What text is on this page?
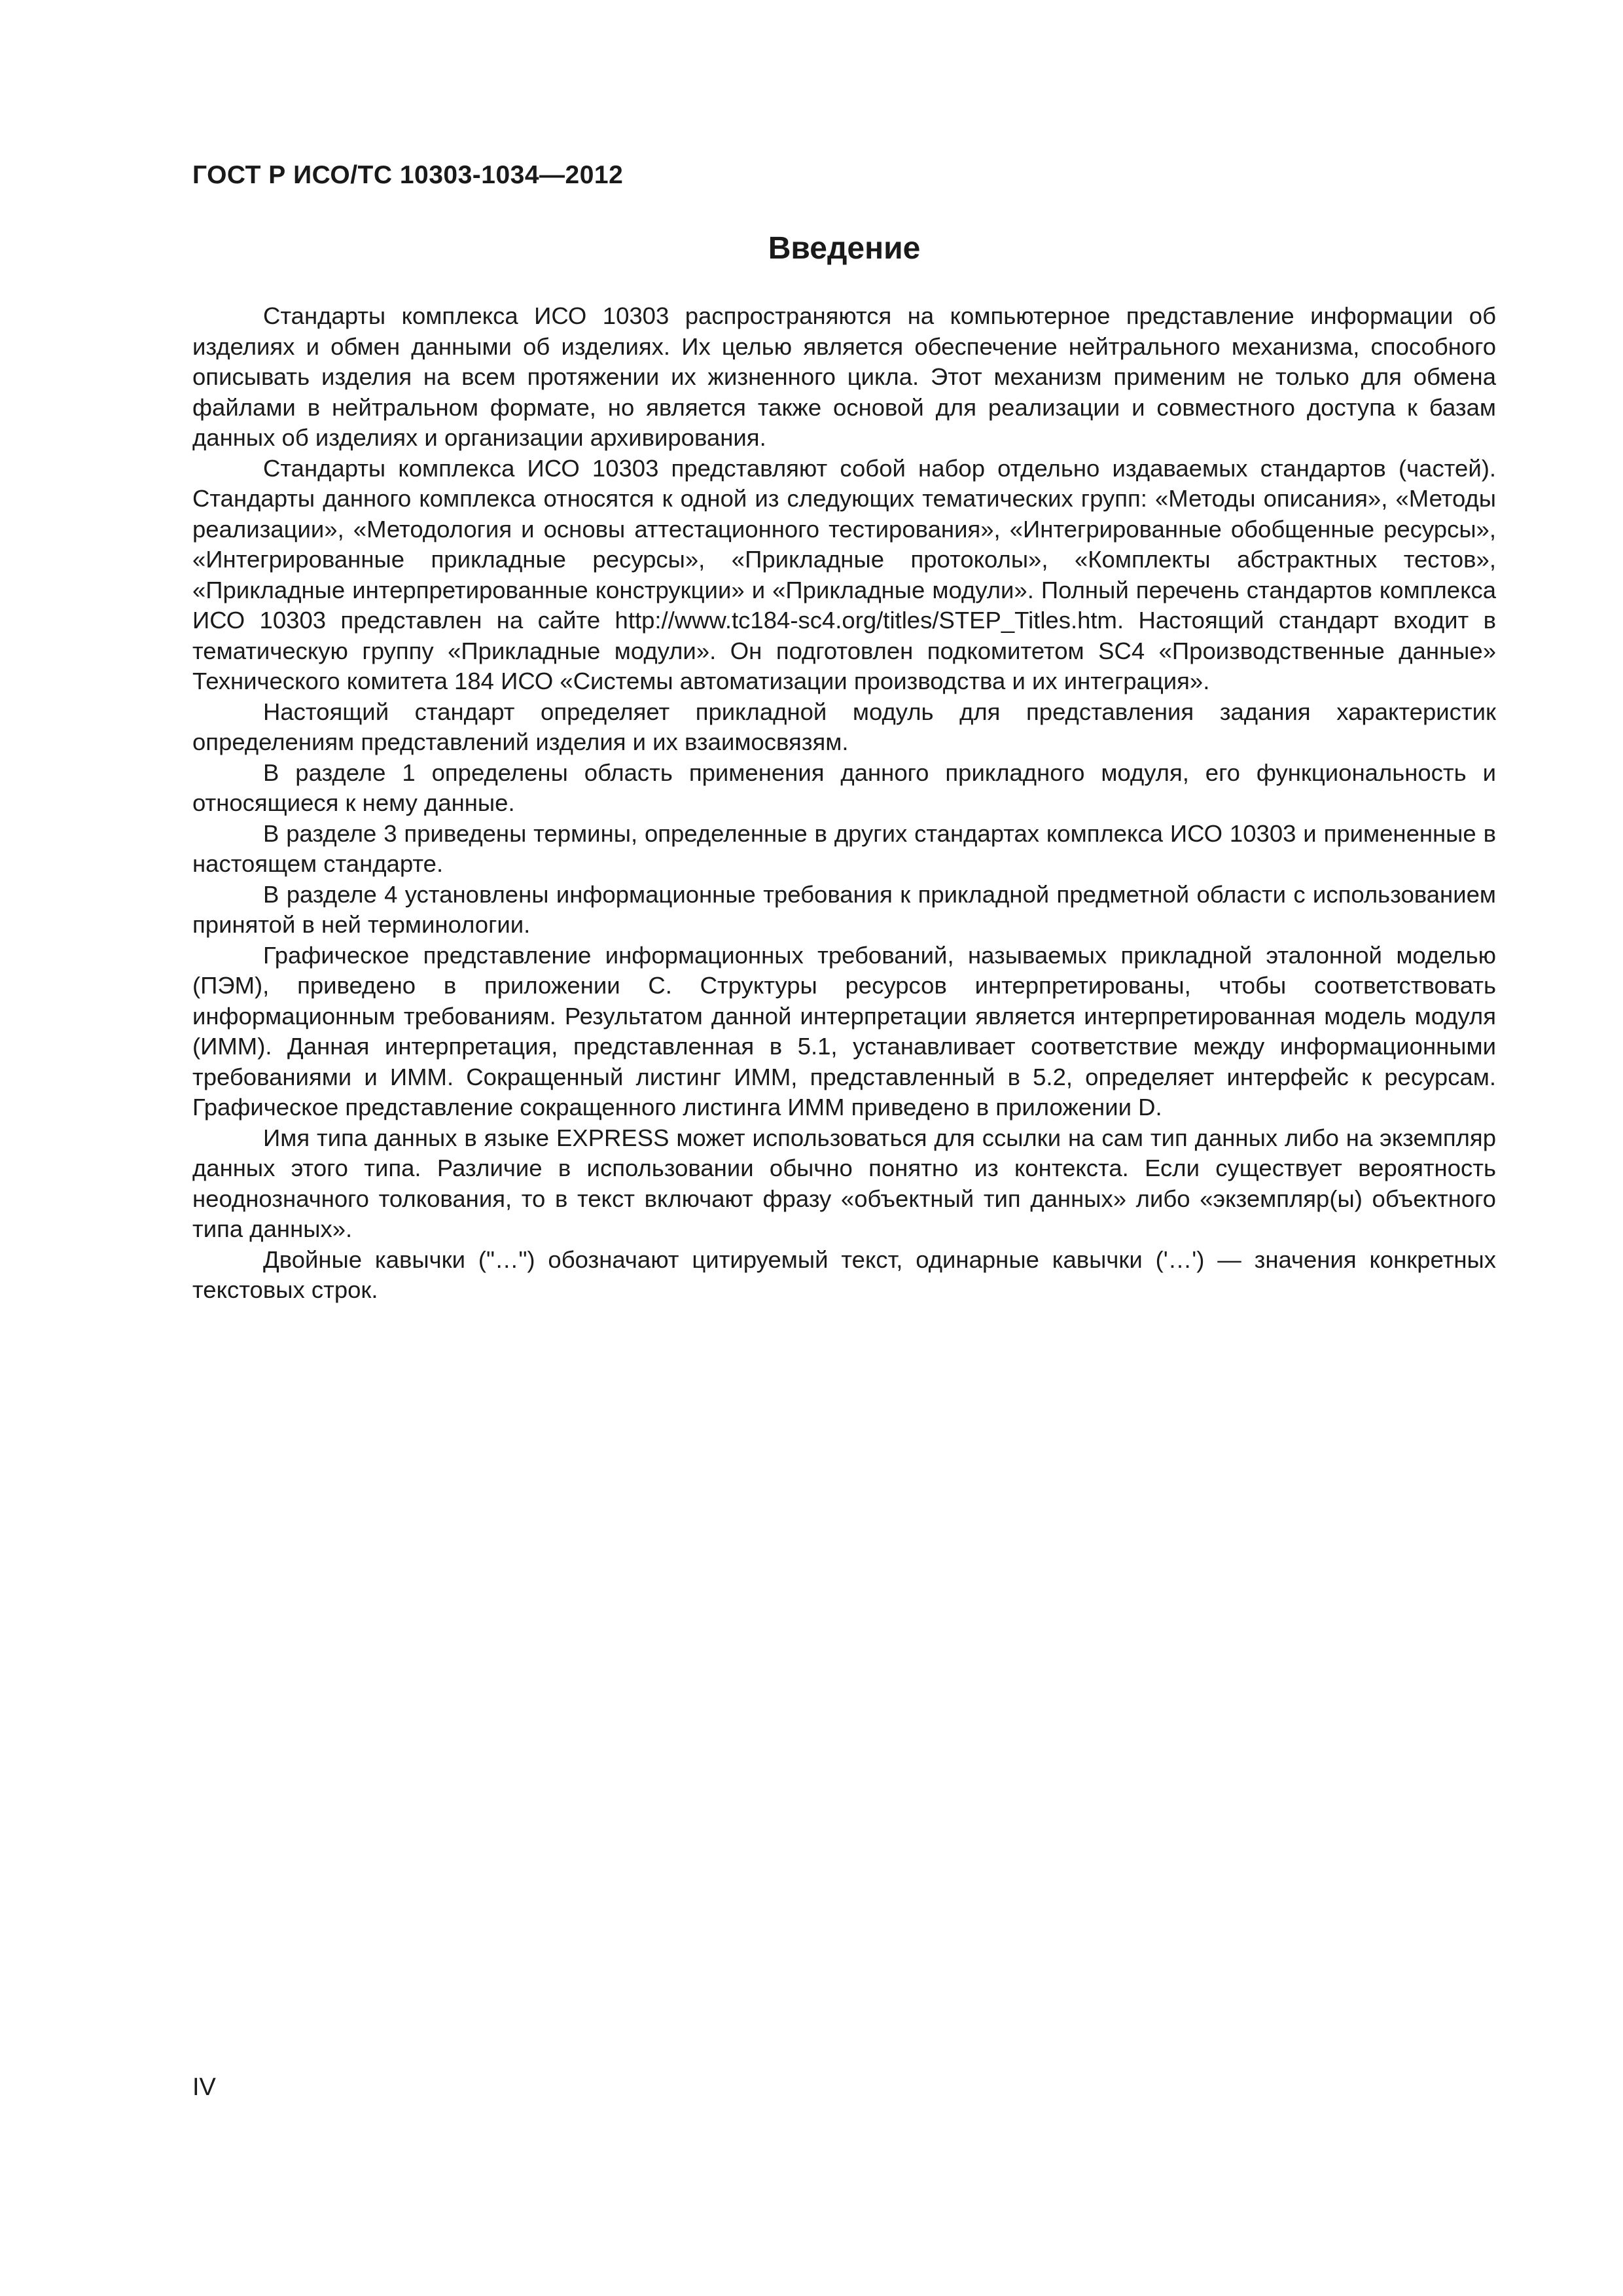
ГОСТ Р ИСО/ТС 10303-1034—2012
Введение

Стандарты комплекса ИСО 10303 распространяются на компьютерное представление информации об изделиях и обмен данными об изделиях. Их целью является обеспечение нейтрального механизма, способного описывать изделия на всем протяжении их жизненного цикла. Этот механизм применим не только для обмена файлами в нейтральном формате, но является также основой для реализации и совместного доступа к базам данных об изделиях и организации архивирования.

Стандарты комплекса ИСО 10303 представляют собой набор отдельно издаваемых стандартов (частей). Стандарты данного комплекса относятся к одной из следующих тематических групп: «Методы описания», «Методы реализации», «Методология и основы аттестационного тестирования», «Интегрированные обобщенные ресурсы», «Интегрированные прикладные ресурсы», «Прикладные протоколы», «Комплекты абстрактных тестов», «Прикладные интерпретированные конструкции» и «Прикладные модули». Полный перечень стандартов комплекса ИСО 10303 представлен на сайте http://www.tc184-sc4.org/titles/STEP_Titles.htm. Настоящий стандарт входит в тематическую группу «Прикладные модули». Он подготовлен подкомитетом SC4 «Производственные данные» Технического комитета 184 ИСО «Системы автоматизации производства и их интеграция».

Настоящий стандарт определяет прикладной модуль для представления задания характеристик определениям представлений изделия и их взаимосвязям.

В разделе 1 определены область применения данного прикладного модуля, его функциональность и относящиеся к нему данные.

В разделе 3 приведены термины, определенные в других стандартах комплекса ИСО 10303 и примененные в настоящем стандарте.

В разделе 4 установлены информационные требования к прикладной предметной области с использованием принятой в ней терминологии.

Графическое представление информационных требований, называемых прикладной эталонной моделью (ПЭМ), приведено в приложении С. Структуры ресурсов интерпретированы, чтобы соответствовать информационным требованиям. Результатом данной интерпретации является интерпретированная модель модуля (ИММ). Данная интерпретация, представленная в 5.1, устанавливает соответствие между информационными требованиями и ИММ. Сокращенный листинг ИММ, представленный в 5.2, определяет интерфейс к ресурсам. Графическое представление сокращенного листинга ИММ приведено в приложении D.

Имя типа данных в языке EXPRESS может использоваться для ссылки на сам тип данных либо на экземпляр данных этого типа. Различие в использовании обычно понятно из контекста. Если существует вероятность неоднозначного толкования, то в текст включают фразу «объектный тип данных» либо «экземпляр(ы) объектного типа данных».

Двойные кавычки ("…") обозначают цитируемый текст, одинарные кавычки ('…') — значения конкретных текстовых строк.

IV
